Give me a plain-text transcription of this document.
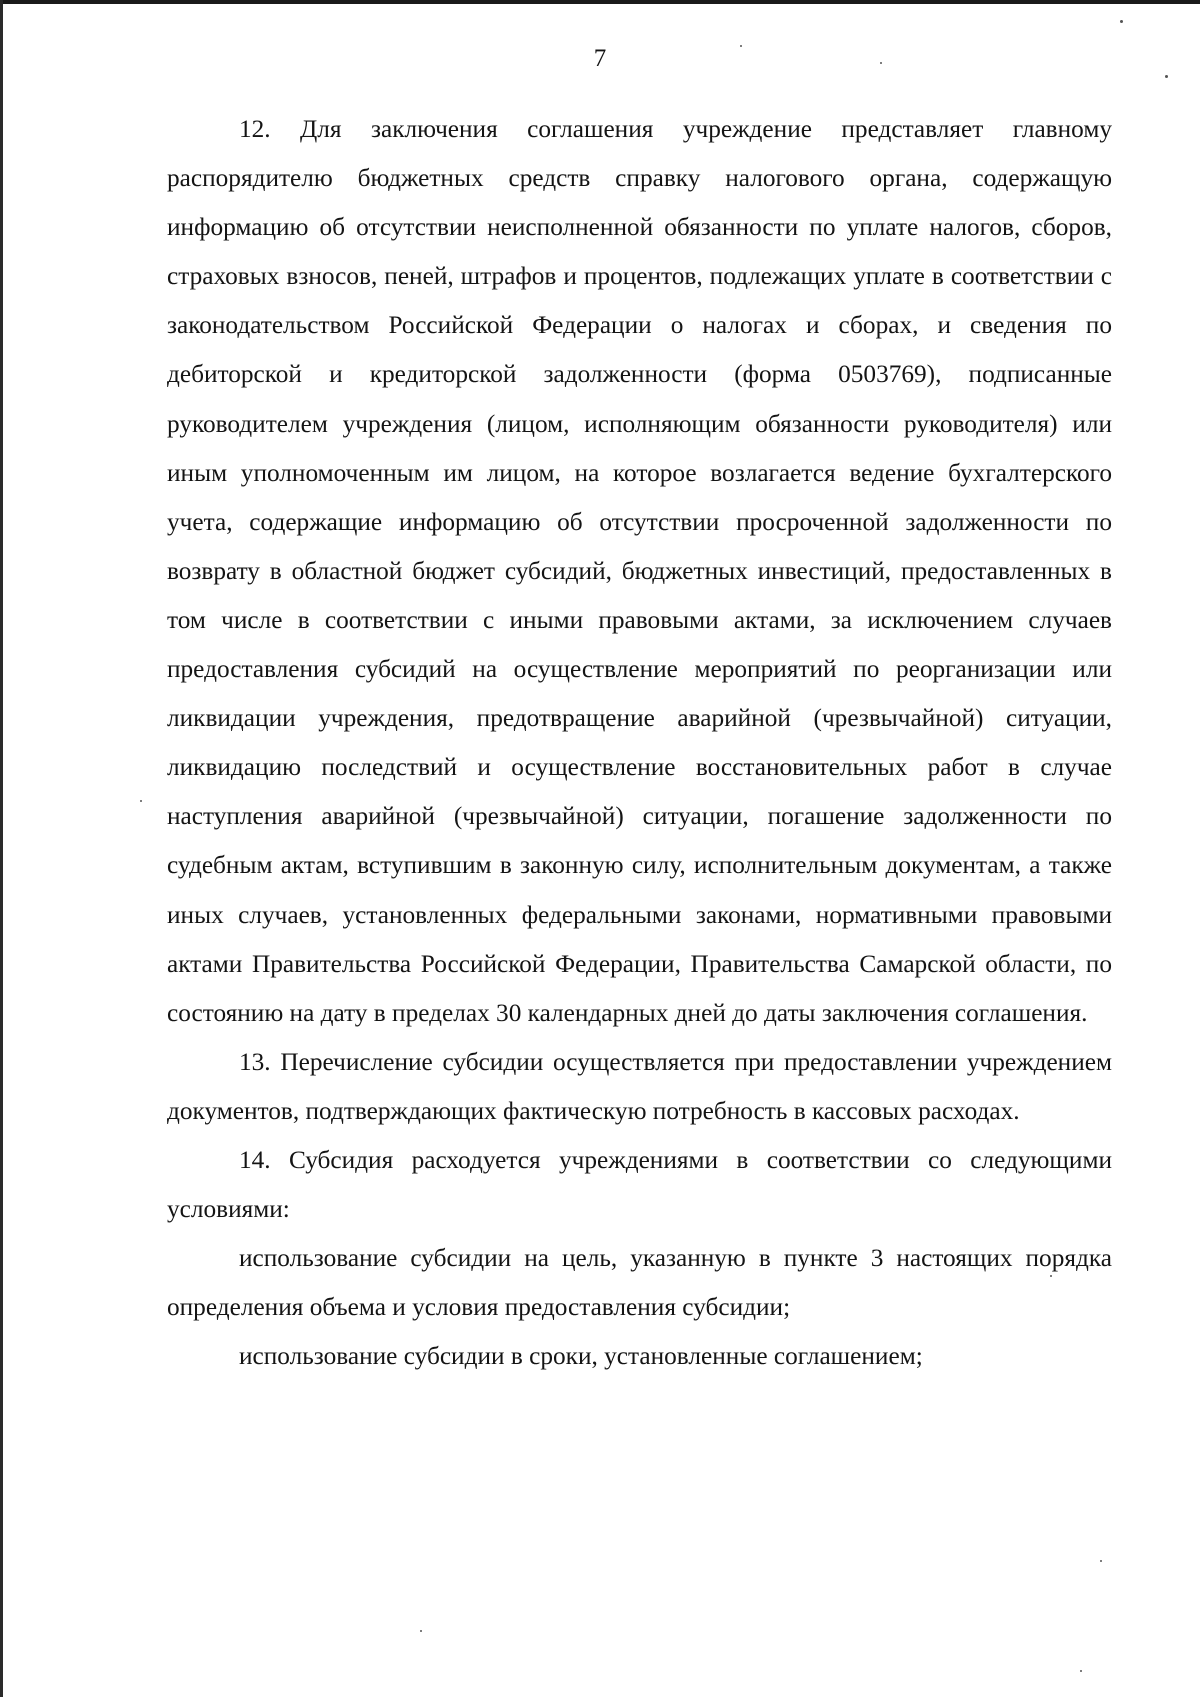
7

12. Для заключения соглашения учреждение представляет главному распорядителю бюджетных средств справку налогового органа, содержащую информацию об отсутствии неисполненной обязанности по уплате налогов, сборов, страховых взносов, пеней, штрафов и процентов, подлежащих уплате в соответствии с законодательством Российской Федерации о налогах и сборах, и сведения по дебиторской и кредиторской задолженности (форма 0503769), подписанные руководителем учреждения (лицом, исполняющим обязанности руководителя) или иным уполномоченным им лицом, на которое возлагается ведение бухгалтерского учета, содержащие информацию об отсутствии просроченной задолженности по возврату в областной бюджет субсидий, бюджетных инвестиций, предоставленных в том числе в соответствии с иными правовыми актами, за исключением случаев предоставления субсидий на осуществление мероприятий по реорганизации или ликвидации учреждения, предотвращение аварийной (чрезвычайной) ситуации, ликвидацию последствий и осуществление восстановительных работ в случае наступления аварийной (чрезвычайной) ситуации, погашение задолженности по судебным актам, вступившим в законную силу, исполнительным документам, а также иных случаев, установленных федеральными законами, нормативными правовыми актами Правительства Российской Федерации, Правительства Самарской области, по состоянию на дату в пределах 30 календарных дней до даты заключения соглашения.

13. Перечисление субсидии осуществляется при предоставлении учреждением документов, подтверждающих фактическую потребность в кассовых расходах.

14. Субсидия расходуется учреждениями в соответствии со следующими условиями:

использование субсидии на цель, указанную в пункте 3 настоящих порядка определения объема и условия предоставления субсидии;

использование субсидии в сроки, установленные соглашением;
